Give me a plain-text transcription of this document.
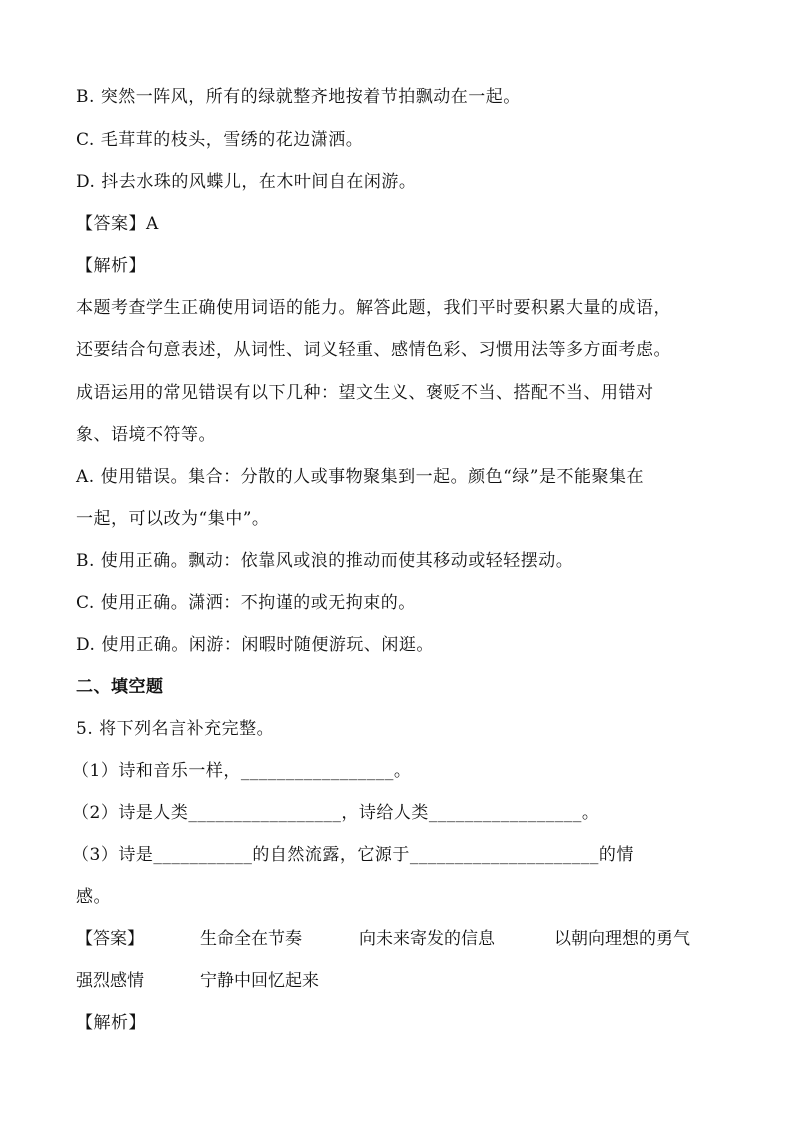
B. 突然一阵风，所有的绿就整齐地按着节拍飘动在一起。
C. 毛茸茸的枝头，雪绣的花边潇洒。
D. 抖去水珠的风蝶儿，在木叶间自在闲游。
【答案】A
【解析】
本题考查学生正确使用词语的能力。解答此题，我们平时要积累大量的成语，
还要结合句意表述，从词性、词义轻重、感情色彩、习惯用法等多方面考虑。
成语运用的常见错误有以下几种：望文生义、褒贬不当、搭配不当、用错对
象、语境不符等。
A. 使用错误。集合：分散的人或事物聚集到一起。颜色“绿”是不能聚集在
一起，可以改为“集中”。
B. 使用正确。飘动：依靠风或浪的推动而使其移动或轻轻摆动。
C. 使用正确。潇洒：不拘谨的或无拘束的。
D. 使用正确。闲游：闲暇时随便游玩、闲逛。
二、填空题
5. 将下列名言补充完整。
（1）诗和音乐一样，_________________。
（2）诗是人类_________________，诗给人类_________________。
（3）诗是___________的自然流露，它源于_____________________的情
感。

【答案】

	生命全在节奏

	向未来寄发的信息

	以朝向理想的勇气

强烈感情

	宁静中回忆起来

【解析】
